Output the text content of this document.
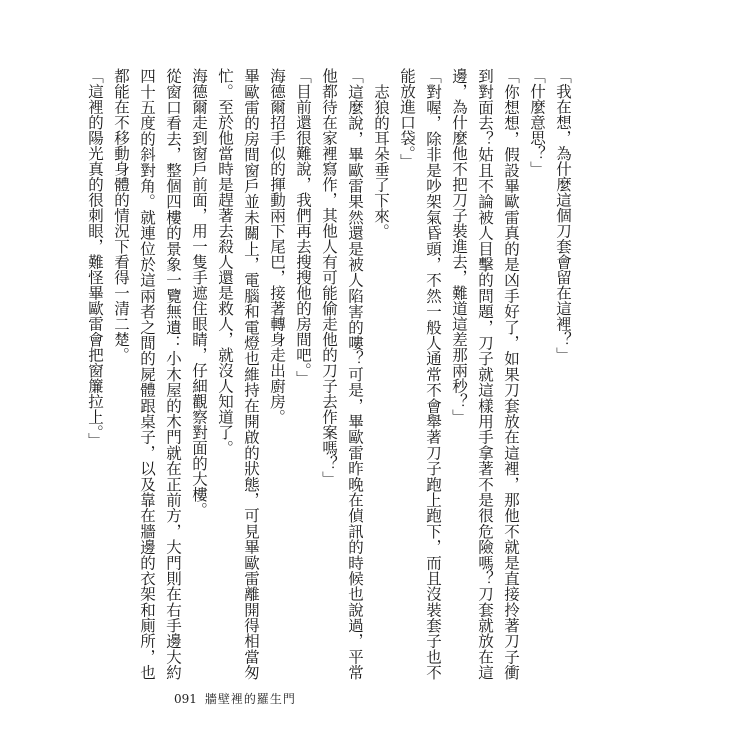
「我在想，為什麼這個刀套會留在這裡？」

「什麼意思？」

「你想想，假設畢歐雷真的是凶手好了，如果刀套放在這裡，那他不就是直接拎著刀子衝到對面去？姑且不論被人目擊的問題，刀子就這樣用手拿著不是很危險嗎？刀套就放在這邊，為什麼他不把刀子裝進去，難道這差那兩秒？」

「對喔，除非是吵架氣昏頭，不然一般人通常不會舉著刀子跑上跑下，而且沒裝套子也不能放進口袋。」

志狼的耳朵垂了下來。

「這麼說，畢歐雷果然還是被人陷害的嘍？可是，畢歐雷昨晚在偵訊的時候也說過，平常他都待在家裡寫作，其他人有可能偷走他的刀子去作案嗎？」

「目前還很難說，我們再去搜搜他的房間吧。」

海德爾招手似的揮動兩下尾巴，接著轉身走出廚房。

畢歐雷的房間窗戶並未關上，電腦和電燈也維持在開啟的狀態，可見畢歐雷離開得相當匆忙。至於他當時是趕著去殺人還是救人，就沒人知道了。

海德爾走到窗戶前面，用一隻手遮住眼睛，仔細觀察對面的大樓。

從窗口看去，整個四樓的景象一覽無遺：小木屋的木門就在正前方，大門則在右手邊大約四十五度的斜對角。就連位於這兩者之間的屍體跟桌子，以及靠在牆邊的衣架和廁所，也都能在不移動身體的情況下看得一清二楚。

「這裡的陽光真的很刺眼，難怪畢歐雷會把窗簾拉上。」

091 牆壁裡的羅生門
